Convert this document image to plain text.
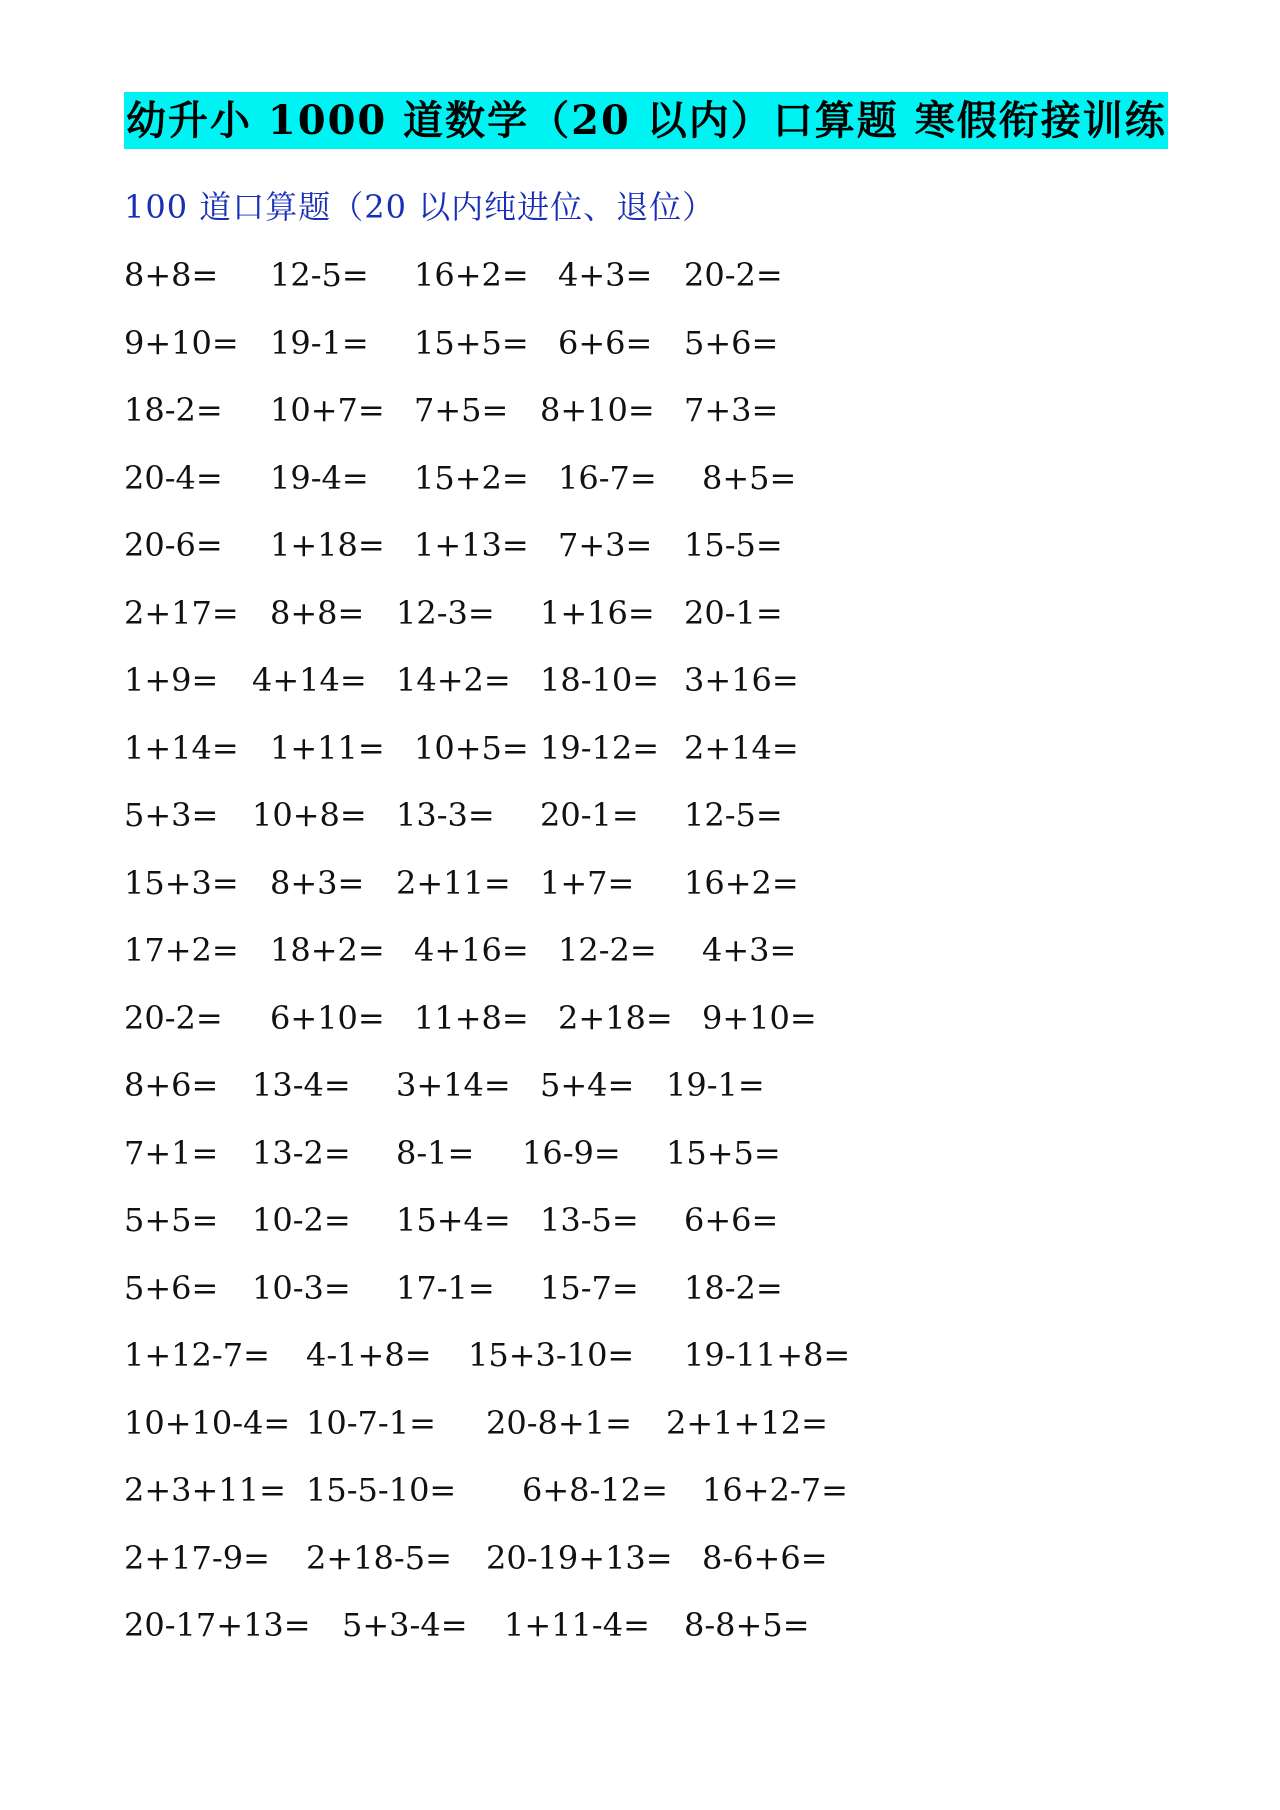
幼升小 1000 道数学（20 以内）口算题 寒假衔接训练
100 道口算题（20 以内纯进位、退位）
8+8= 12-5= 16+2= 4+3= 20-2=
9+10= 19-1= 15+5= 6+6= 5+6=
18-2= 10+7= 7+5= 8+10= 7+3=
20-4= 19-4= 15+2= 16-7= 8+5=
20-6= 1+18= 1+13= 7+3= 15-5=
2+17= 8+8= 12-3= 1+16= 20-1=
1+9= 4+14= 14+2= 18-10= 3+16=
1+14= 1+11= 10+5= 19-12= 2+14=
5+3= 10+8= 13-3= 20-1= 12-5=
15+3= 8+3= 2+11= 1+7= 16+2=
17+2= 18+2= 4+16= 12-2= 4+3=
20-2= 6+10= 11+8= 2+18= 9+10=
8+6= 13-4= 3+14= 5+4= 19-1=
7+1= 13-2= 8-1= 16-9= 15+5=
5+5= 10-2= 15+4= 13-5= 6+6=
5+6= 10-3= 17-1= 15-7= 18-2=
1+12-7= 4-1+8= 15+3-10= 19-11+8=
10+10-4= 10-7-1= 20-8+1= 2+1+12=
2+3+11= 15-5-10= 6+8-12= 16+2-7=
2+17-9= 2+18-5= 20-19+13= 8-6+6=
20-17+13= 5+3-4= 1+11-4= 8-8+5=
